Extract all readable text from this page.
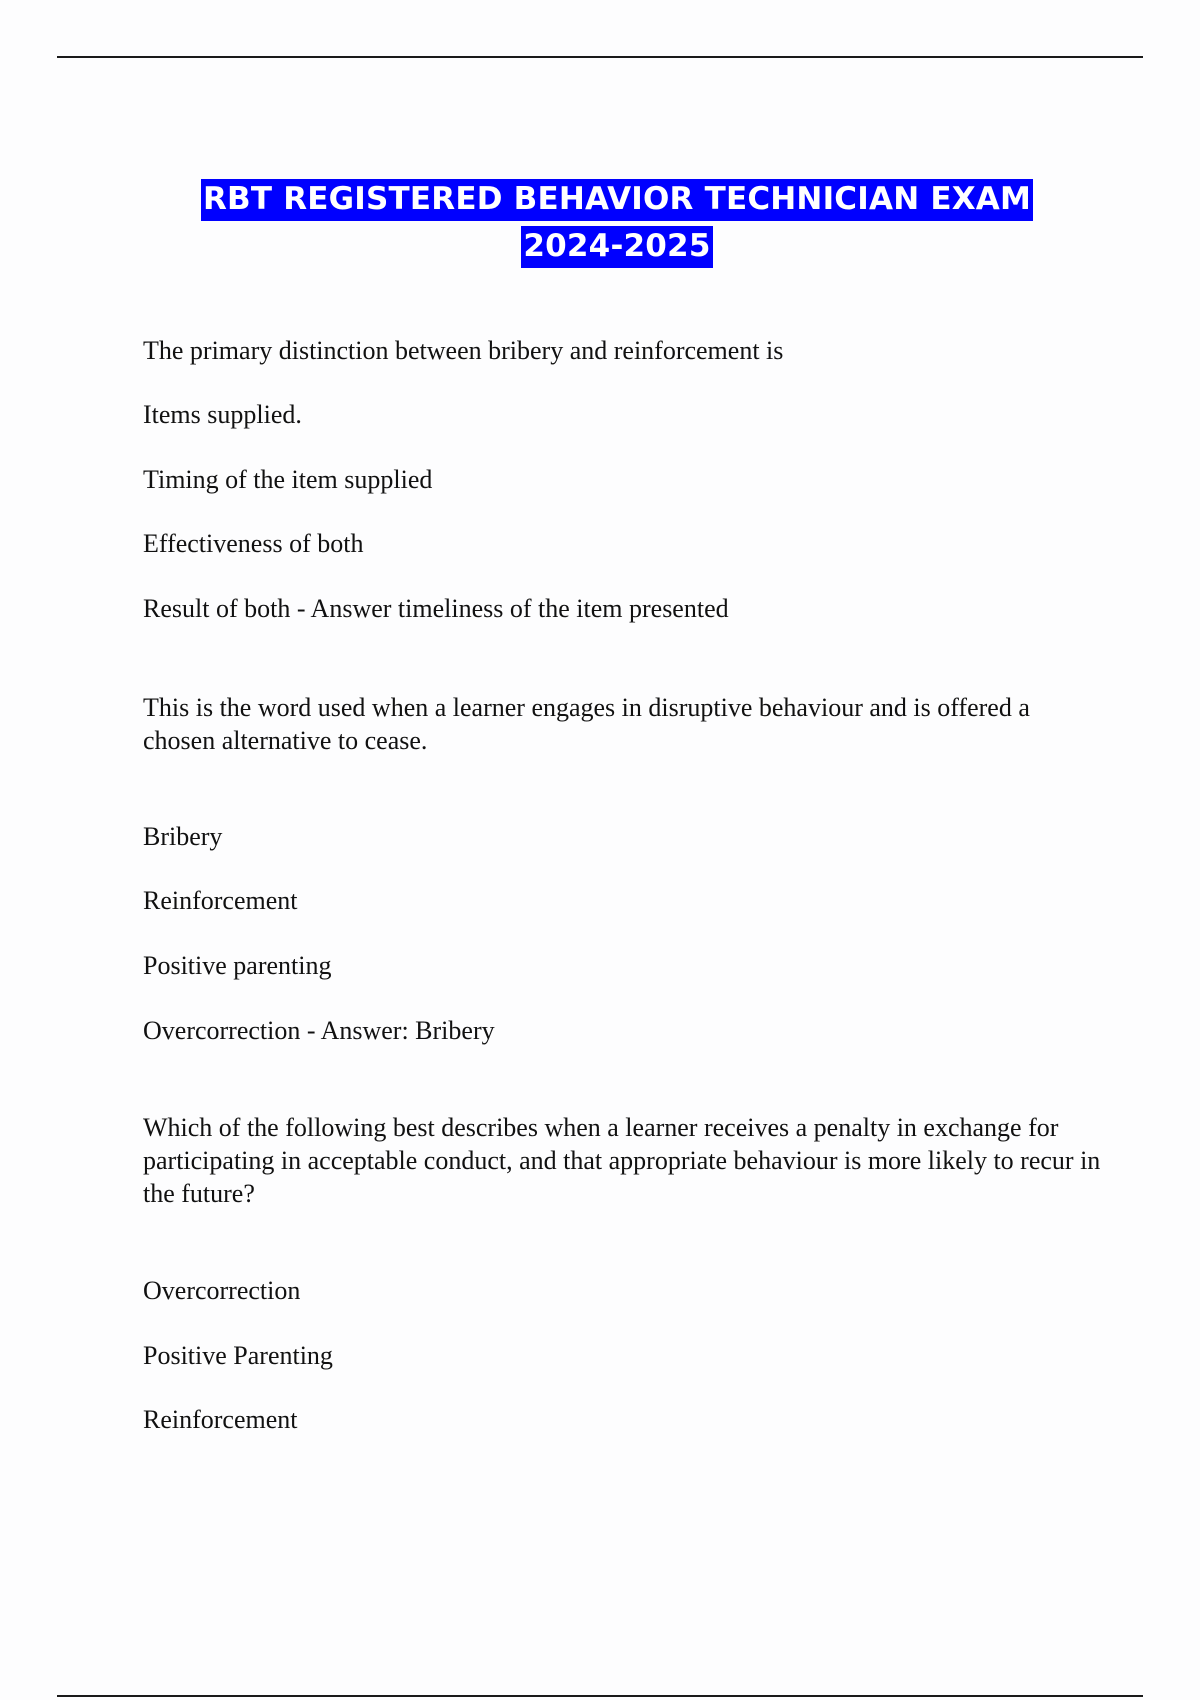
RBT REGISTERED BEHAVIOR TECHNICIAN EXAM
2024-2025

The primary distinction between bribery and reinforcement is

Items supplied.

Timing of the item supplied

Effectiveness of both

Result of both - Answer timeliness of the item presented

This is the word used when a learner engages in disruptive behaviour and is offered a chosen alternative to cease.

Bribery

Reinforcement

Positive parenting

Overcorrection - Answer: Bribery

Which of the following best describes when a learner receives a penalty in exchange for participating in acceptable conduct, and that appropriate behaviour is more likely to recur in the future?

Overcorrection

Positive Parenting

Reinforcement
